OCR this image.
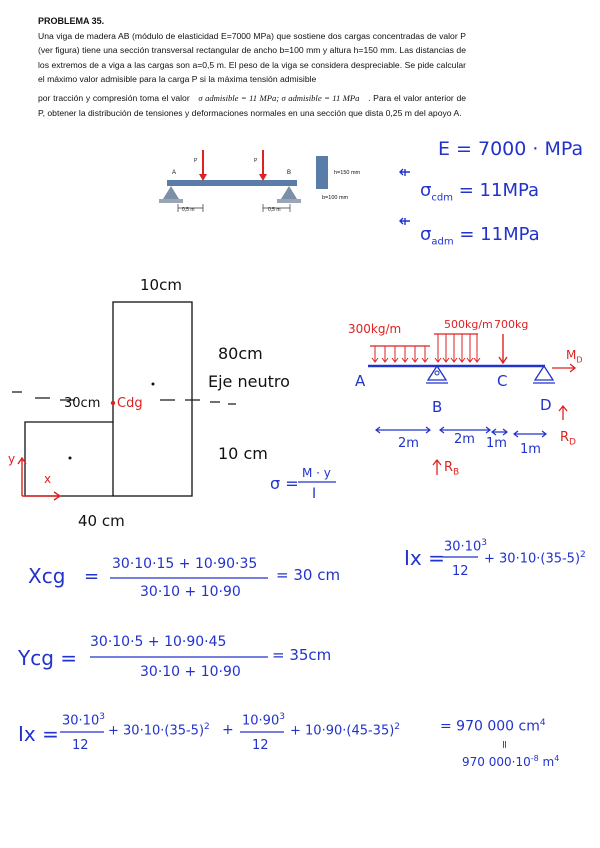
PROBLEMA 35.

Una viga de madera AB (módulo de elasticidad E=7000 MPa) que sostiene dos cargas concentradas de valor P (ver figura) tiene una sección transversal rectangular de ancho b=100 mm y altura h=150 mm. Las distancias de los extremos de a viga a las cargas son a=0,5 m. El peso de la viga se considera despreciable. Se pide calcular el máximo valor admisible para la carga P si la máxima tensión admisible

por tracción y compresión toma el valor σ admisible = 11 MPa; σ admisible = 11 MPa . Para el valor anterior de P, obtener la distribución de tensiones y deformaciones normales en una sección que dista 0,25 m del apoyo A.

A	B
P	P
0,5 m	0,5 m
h=150 mm
b=100 mm
E = 7000 · MPa
$\sigma_{cdm} = 11MPa$
$\sigma_{adm} = 11MPa$
10cm
80cm
Eje neutro
10 cm
30cm Cdg
40 cm
y
x
300kg/m	500kg/m 700kg
A
B
C
D
2m	2m 1m 1m
$R_B$
$R_D$
$M_D$
σ =
M · y
I
Xcg =
30·10·15 + 10·90·35
30·10 + 10·90
= 30 cm
$Ix = 30\cdot 10^3$
12
+ $30\cdot 10\cdot(35-5)^2$
Ycg =
30·10·5 + 10·90·45
30·10 + 10·90
= 35cm
Ix =
$30\cdot 10^3$
12
+ $30\cdot 10\cdot(35-5)^2$ +
$10\cdot 90^3$
12
+ $10\cdot 90\cdot(45-35)^2$	= 970 000 $cm^4$
=
970 $000\cdot 10^{-8}$ $m^4$
